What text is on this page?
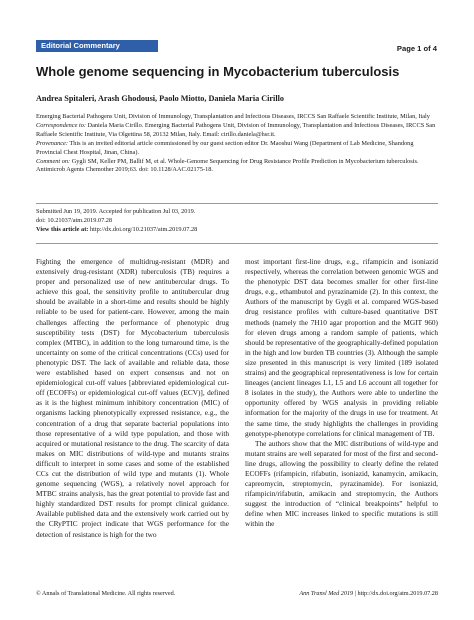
Editorial Commentary	Page 1 of 4
Whole genome sequencing in Mycobacterium tuberculosis
Andrea Spitaleri, Arash Ghodousi, Paolo Miotto, Daniela Maria Cirillo

Emerging Bacterial Pathogens Unit, Division of Immunology, Transplantation and Infectious Diseases, IRCCS San Raffaele Scientific Institute, Milan, Italy

Correspondence to: Daniela Maria Cirillo. Emerging Bacterial Pathogens Unit, Division of Immunology, Transplantation and Infectious Diseases, IRCCS San Raffaele Scientific Institute, Via Olgettina 58, 20132 Milan, Italy. Email: cirillo.daniela@hsr.it.

Provenance: This is an invited editorial article commissioned by our guest section editor Dr. Maoshui Wang (Department of Lab Medicine, Shandong Provincial Chest Hospital, Jinan, China).

Comment on: Gygli SM, Keller PM, Ballif M, et al. Whole-Genome Sequencing for Drug Resistance Profile Prediction in Mycobacterium tuberculosis. Antimicrob Agents Chemother 2019;63. doi: 10.1128/AAC.02175-18.

Submitted Jun 19, 2019. Accepted for publication Jul 03, 2019.

doi: 10.21037/atm.2019.07.28

View this article at: http://dx.doi.org/10.21037/atm.2019.07.28

Fighting the emergence of multidrug-resistant (MDR) and extensively drug-resistant (XDR) tuberculosis (TB) requires a proper and personalized use of new antitubercular drugs. To achieve this goal, the sensitivity profile to antitubercular drug should be available in a short-time and results should be highly reliable to be used for patient-care. However, among the main challenges affecting the performance of phenotypic drug susceptibility tests (DST) for Mycobacterium tuberculosis complex (MTBC), in addition to the long turnaround time, is the uncertainty on some of the critical concentrations (CCs) used for phenotypic DST. The lack of available and reliable data, those were established based on expert consensus and not on epidemiological cut-off values [abbreviated epidemiological cut-off (ECOFFs) or epidemiological cut-off values (ECV)], defined as it is the highest minimum inhibitory concentration (MIC) of organisms lacking phenotypically expressed resistance, e.g., the concentration of a drug that separate bacterial populations into those representative of a wild type population, and those with acquired or mutational resistance to the drug. The scarcity of data makes on MIC distributions of wild-type and mutants strains difficult to interpret in some cases and some of the established CCs cut the distribution of wild type and mutants (1). Whole genome sequencing (WGS), a relatively novel approach for MTBC strains analysis, has the great potential to provide fast and highly standardized DST results for prompt clinical guidance. Available published data and the extensively work carried out by the CRyPTIC project indicate that WGS performance for the detection of resistance is high for the two

most important first-line drugs, e.g., rifampicin and isoniazid respectively, whereas the correlation between genomic WGS and the phenotypic DST data becomes smaller for other first-line drugs, e.g., ethambutol and pyrazinamide (2). In this context, the Authors of the manuscript by Gygli et al. compared WGS-based drug resistance profiles with culture-based quantitative DST methods (namely the 7H10 agar proportion and the MGIT 960) for eleven drugs among a random sample of patients, which should be representative of the geographically-defined population in the high and low burden TB countries (3). Although the sample size presented in this manuscript is very limited (189 isolated strains) and the geographical representativeness is low for certain lineages (ancient lineages L1, L5 and L6 account all together for 8 isolates in the study), the Authors were able to underline the opportunity offered by WGS analysis in providing reliable information for the majority of the drugs in use for treatment. At the same time, the study highlights the challenges in providing genotype-phenotype correlations for clinical management of TB.

The authors show that the MIC distributions of wild-type and mutant strains are well separated for most of the first and second-line drugs, allowing the possibility to clearly define the related ECOFFs (rifampicin, rifabutin, isoniazid, kanamycin, amikacin, capreomycin, streptomycin, pyrazinamide). For isoniazid, rifampicin/rifabutin, amikacin and streptomycin, the Authors suggest the introduction of “clinical breakpoints” helpful to define when MIC increases linked to specific mutations is still within the

© Annals of Translational Medicine. All rights reserved.	Ann Transl Med 2019 | http://dx.doi.org/atm.2019.07.28
